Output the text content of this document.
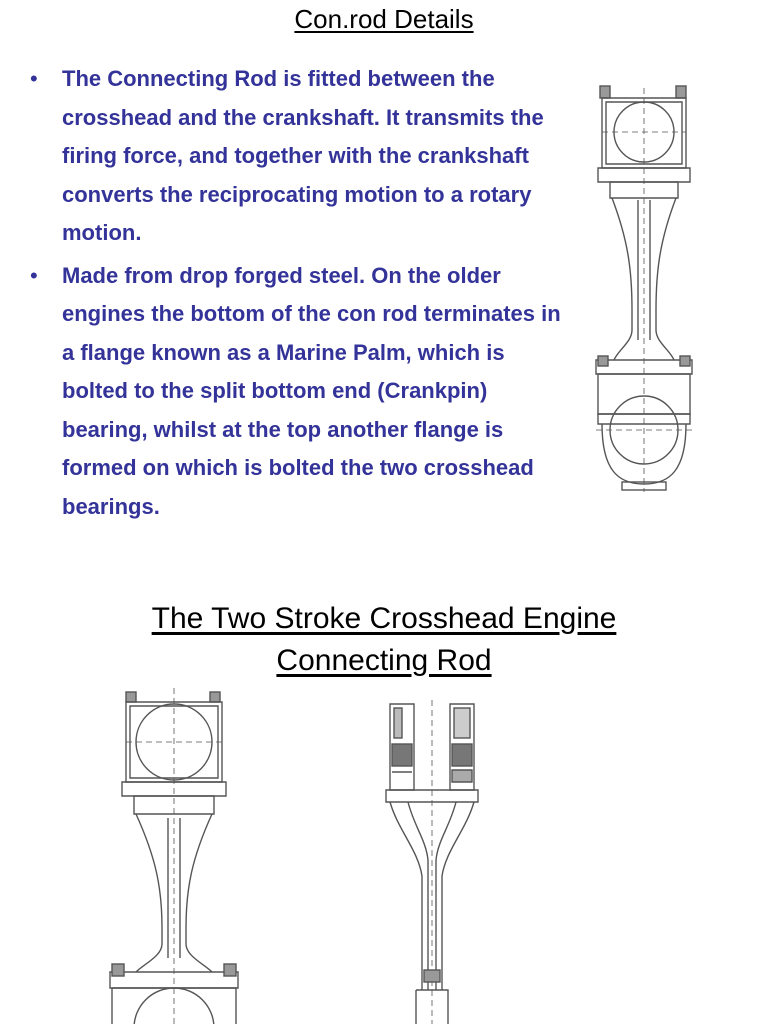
Con.rod Details
• The Connecting Rod is fitted between the crosshead and the crankshaft. It transmits the firing force, and together with the crankshaft converts the reciprocating motion to a rotary motion.
• Made from drop forged steel. On the older engines the bottom of the con rod terminates in a flange known as a Marine Palm, which is bolted to the split bottom end (Crankpin) bearing, whilst at the top another flange is formed on which is bolted the two crosshead bearings.
The Two Stroke Crosshead Engine
Connecting Rod
